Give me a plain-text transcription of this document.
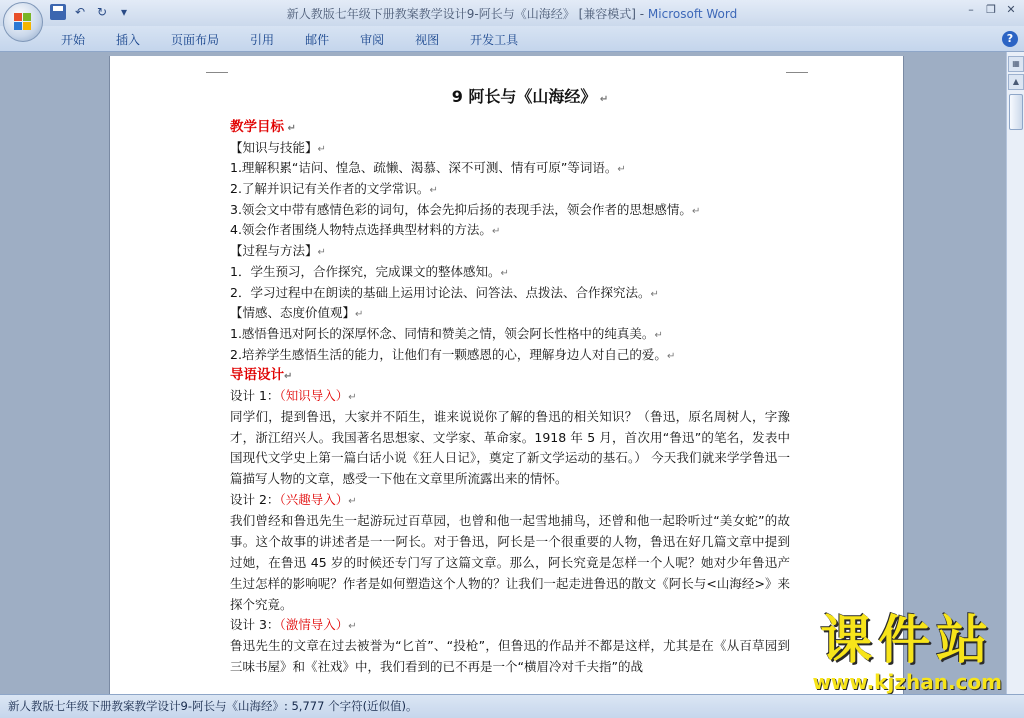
↶ ↻	▾	新人教版七年级下册教案教学设计9-阿长与《山海经》 [兼容模式] - Microsoft Word	–	❐ ✕
开始	插入	页面布局	引用	邮件	审阅	视图	开发工具	?
9 阿长与《山海经》 ↵
教学目标 ↵
【知识与技能】↵
1.理解积累“诘问、惶急、疏懒、渴慕、深不可测、情有可原”等词语。↵
2.了解并识记有关作者的文学常识。↵
3.领会文中带有感情色彩的词句，体会先抑后扬的表现手法，领会作者的思想感情。↵
4.领会作者围绕人物特点选择典型材料的方法。↵
【过程与方法】↵
1．学生预习，合作探究，完成课文的整体感知。↵
2．学习过程中在朗读的基础上运用讨论法、问答法、点拨法、合作探究法。↵
【情感、态度价值观】↵
1.感悟鲁迅对阿长的深厚怀念、同情和赞美之情，领会阿长性格中的纯真美。↵
2.培养学生感悟生活的能力，让他们有一颗感恩的心，理解身边人对自己的爱。↵
导语设计↵
设计 1：（知识导入）↵
同学们，提到鲁迅，大家并不陌生，谁来说说你了解的鲁迅的相关知识？（鲁迅，原名周树人，字豫才，浙江绍兴人。我国著名思想家、文学家、革命家。1918 年 5 月，首次用“鲁迅”的笔名，发表中国现代文学史上第一篇白话小说《狂人日记》，奠定了新文学运动的基石。） 今天我们就来学学鲁迅一篇描写人物的文章，感受一下他在文章里所流露出来的情怀。
设计 2：（兴趣导入）↵
我们曾经和鲁迅先生一起游玩过百草园，也曾和他一起雪地捕鸟，还曾和他一起聆听过“美女蛇”的故事。这个故事的讲述者是一一阿长。对于鲁迅，阿长是一个很重要的人物，鲁迅在好几篇文章中提到过她，在鲁迅 45 岁的时候还专门写了这篇文章。那么，阿长究竟是怎样一个人呢？她对少年鲁迅产生过怎样的影响呢？作者是如何塑造这个人物的？让我们一起走进鲁迅的散文《阿长与<山海经>》来探个究竟。
设计 3：（激情导入）↵
鲁迅先生的文章在过去被誉为“匕首”、“投枪”，但鲁迅的作品并不都是这样，尤其是在《从百草园到三味书屋》和《社戏》中，我们看到的已不再是一个“横眉冷对千夫指”的战	课件站
www.kjzhan.com
▦
▲
新人教版七年级下册教案教学设计9-阿长与《山海经》: 5,777 个字符(近似值)。
